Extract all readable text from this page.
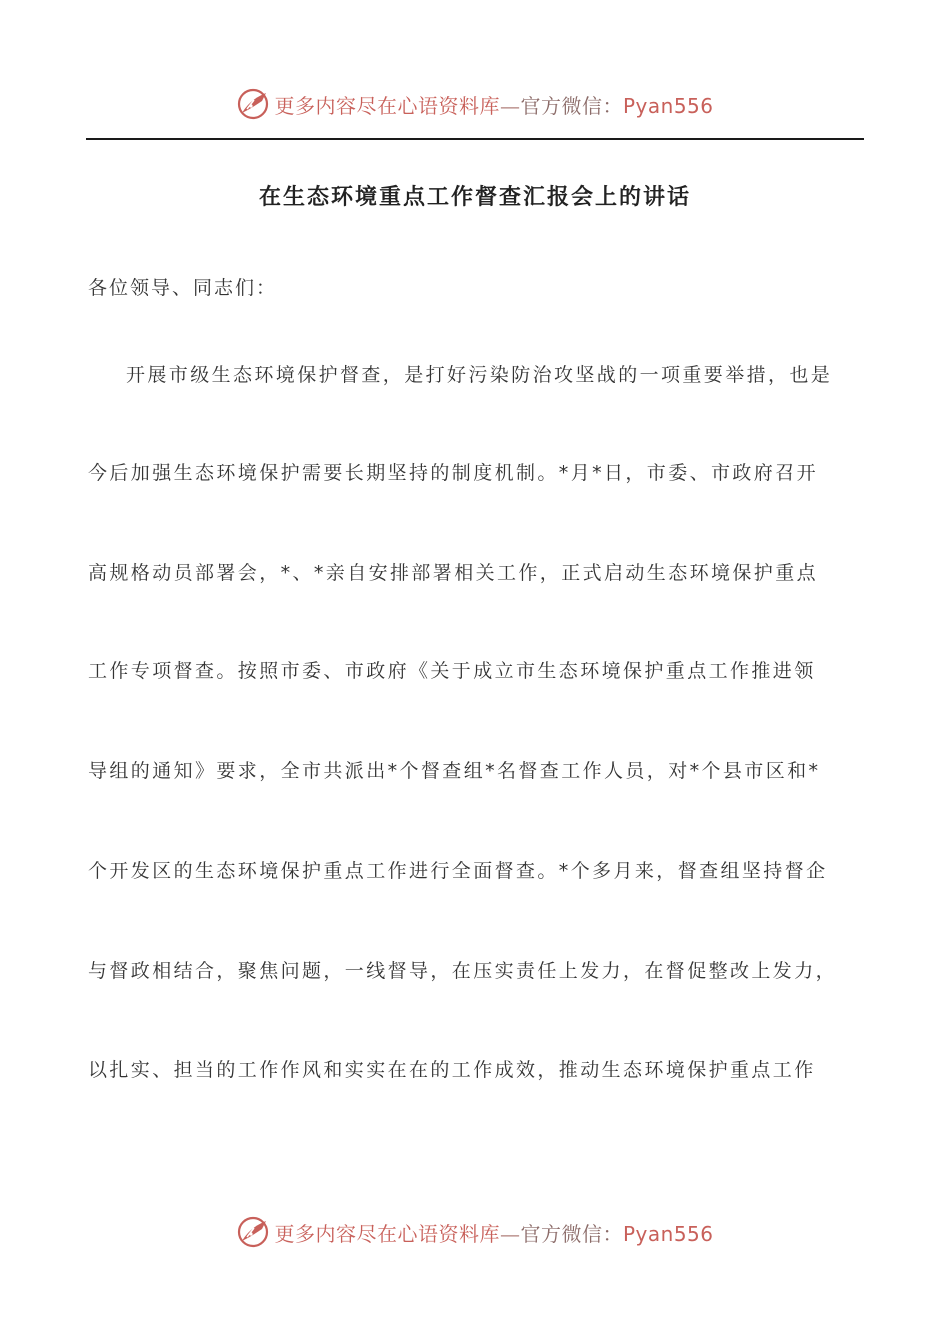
更多内容尽在心语资料库—官方微信：Pyan556
在生态环境重点工作督查汇报会上的讲话
各位领导、同志们：
开展市级生态环境保护督查，是打好污染防治攻坚战的一项重要举措，也是
今后加强生态环境保护需要长期坚持的制度机制。*月*日，市委、市政府召开
高规格动员部署会，*、*亲自安排部署相关工作，正式启动生态环境保护重点
工作专项督查。按照市委、市政府《关于成立市生态环境保护重点工作推进领
导组的通知》要求，全市共派出*个督查组*名督查工作人员，对*个县市区和*
个开发区的生态环境保护重点工作进行全面督查。*个多月来，督查组坚持督企
与督政相结合，聚焦问题，一线督导，在压实责任上发力，在督促整改上发力，
以扎实、担当的工作作风和实实在在的工作成效，推动生态环境保护重点工作
更多内容尽在心语资料库—官方微信：Pyan556
